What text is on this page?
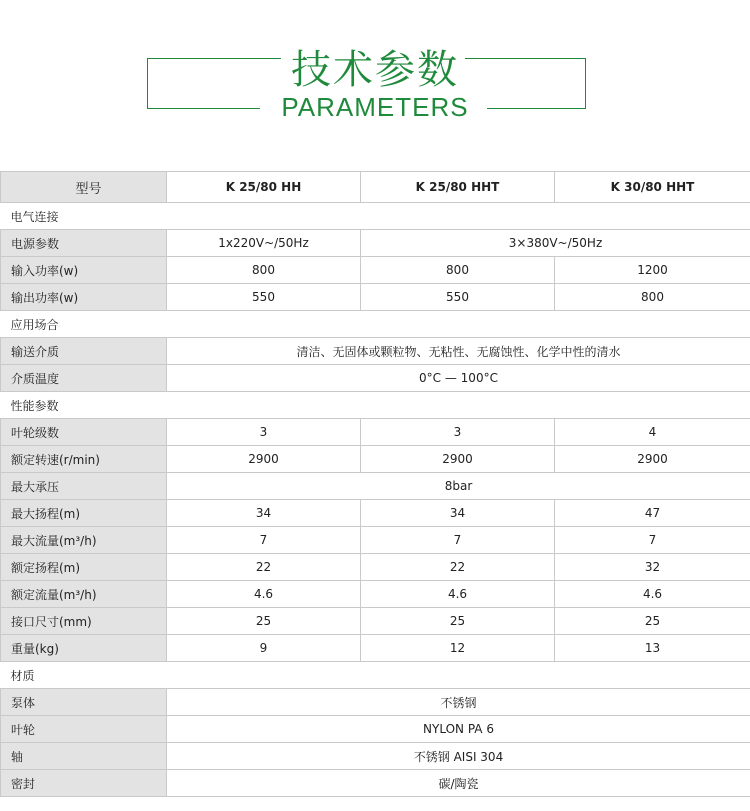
技术参数
PARAMETERS
型号	K 25/80 HH	K 25/80 HHT	K 30/80 HHT
电气连接			
电源参数	1x220V~/50Hz	3×380V~/50Hz	
输入功率(w)	800	800	1200
输出功率(w)	550	550	800
应用场合			
输送介质	清洁、无固体或颗粒物、无粘性、无腐蚀性、化学中性的清水		
介质温度	0°C — 100°C		
性能参数			
叶轮级数	3	3	4
额定转速(r/min)	2900	2900	2900
最大承压	8bar		
最大扬程(m)	34	34	47
最大流量(m³/h)	7	7	7
额定扬程(m)	22	22	32
额定流量(m³/h)	4.6	4.6	4.6
接口尺寸(mm)	25	25	25
重量(kg)	9	12	13
材质			
泵体	不锈钢		
叶轮	NYLON PA 6		
轴	不锈钢 AISI 304		
密封	碳/陶瓷		
